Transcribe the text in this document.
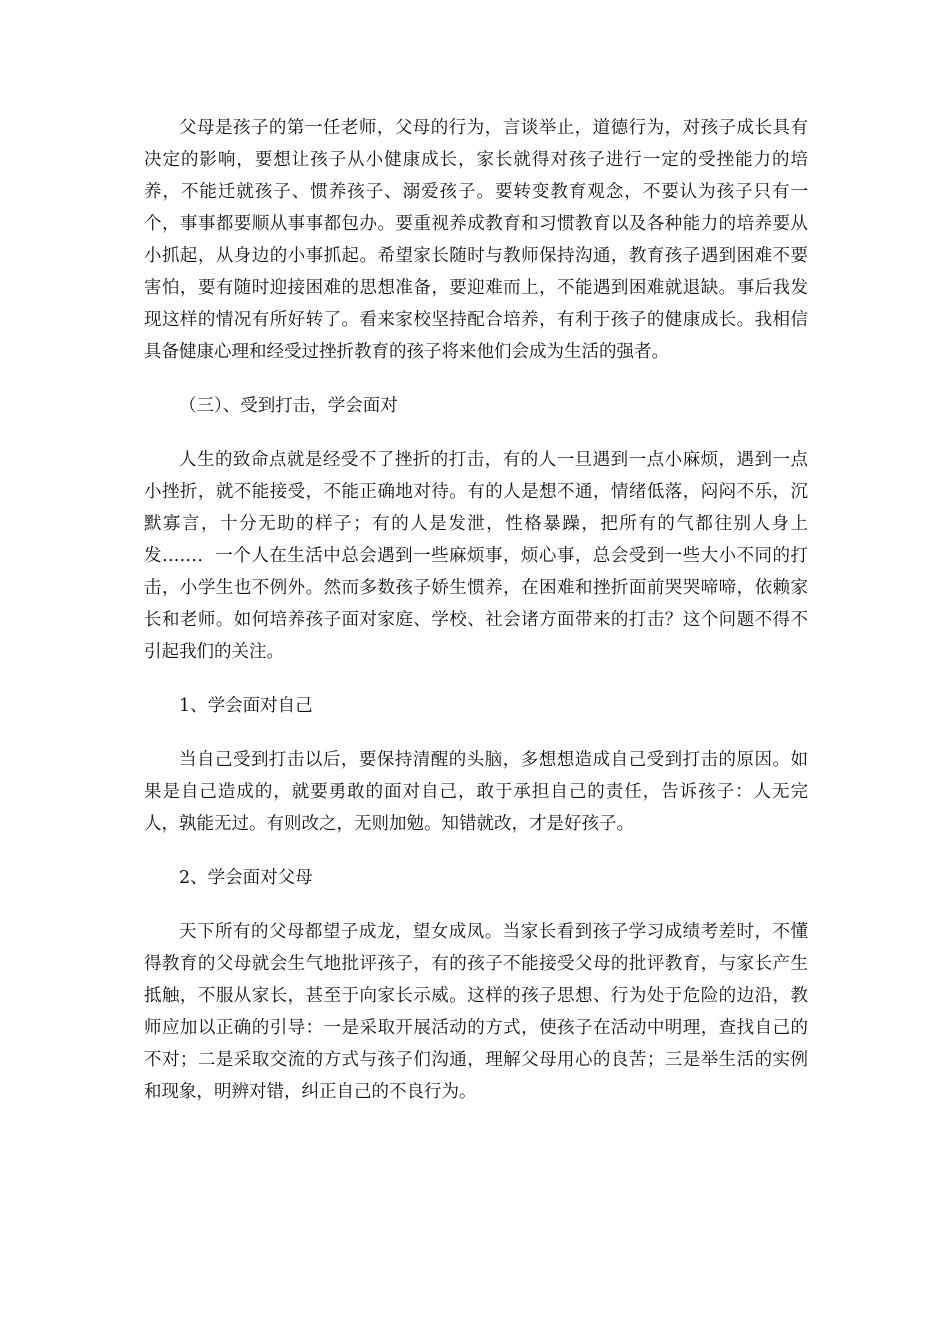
父母是孩子的第一任老师，父母的行为，言谈举止，道德行为，对孩子成长具有决定的影响，要想让孩子从小健康成长，家长就得对孩子进行一定的受挫能力的培养，不能迁就孩子、惯养孩子、溺爱孩子。要转变教育观念，不要认为孩子只有一个，事事都要顺从事事都包办。要重视养成教育和习惯教育以及各种能力的培养要从小抓起，从身边的小事抓起。希望家长随时与教师保持沟通，教育孩子遇到困难不要害怕，要有随时迎接困难的思想准备，要迎难而上，不能遇到困难就退缺。事后我发现这样的情况有所好转了。看来家校坚持配合培养，有利于孩子的健康成长。我相信具备健康心理和经受过挫折教育的孩子将来他们会成为生活的强者。

（三）、受到打击，学会面对

人生的致命点就是经受不了挫折的打击，有的人一旦遇到一点小麻烦，遇到一点小挫折，就不能接受，不能正确地对待。有的人是想不通，情绪低落，闷闷不乐，沉默寡言，十分无助的样子；有的人是发泄，性格暴躁，把所有的气都往别人身上发……．一个人在生活中总会遇到一些麻烦事，烦心事，总会受到一些大小不同的打击，小学生也不例外。然而多数孩子娇生惯养，在困难和挫折面前哭哭啼啼，依赖家长和老师。如何培养孩子面对家庭、学校、社会诸方面带来的打击？这个问题不得不引起我们的关注。

1、学会面对自己

当自己受到打击以后，要保持清醒的头脑，多想想造成自己受到打击的原因。如果是自己造成的，就要勇敢的面对自己，敢于承担自己的责任，告诉孩子：人无完人，孰能无过。有则改之，无则加勉。知错就改，才是好孩子。

2、学会面对父母

天下所有的父母都望子成龙，望女成凤。当家长看到孩子学习成绩考差时，不懂得教育的父母就会生气地批评孩子，有的孩子不能接受父母的批评教育，与家长产生抵触，不服从家长，甚至于向家长示威。这样的孩子思想、行为处于危险的边沿，教师应加以正确的引导：一是采取开展活动的方式，使孩子在活动中明理，查找自己的不对；二是采取交流的方式与孩子们沟通，理解父母用心的良苦；三是举生活的实例和现象，明辨对错，纠正自己的不良行为。
